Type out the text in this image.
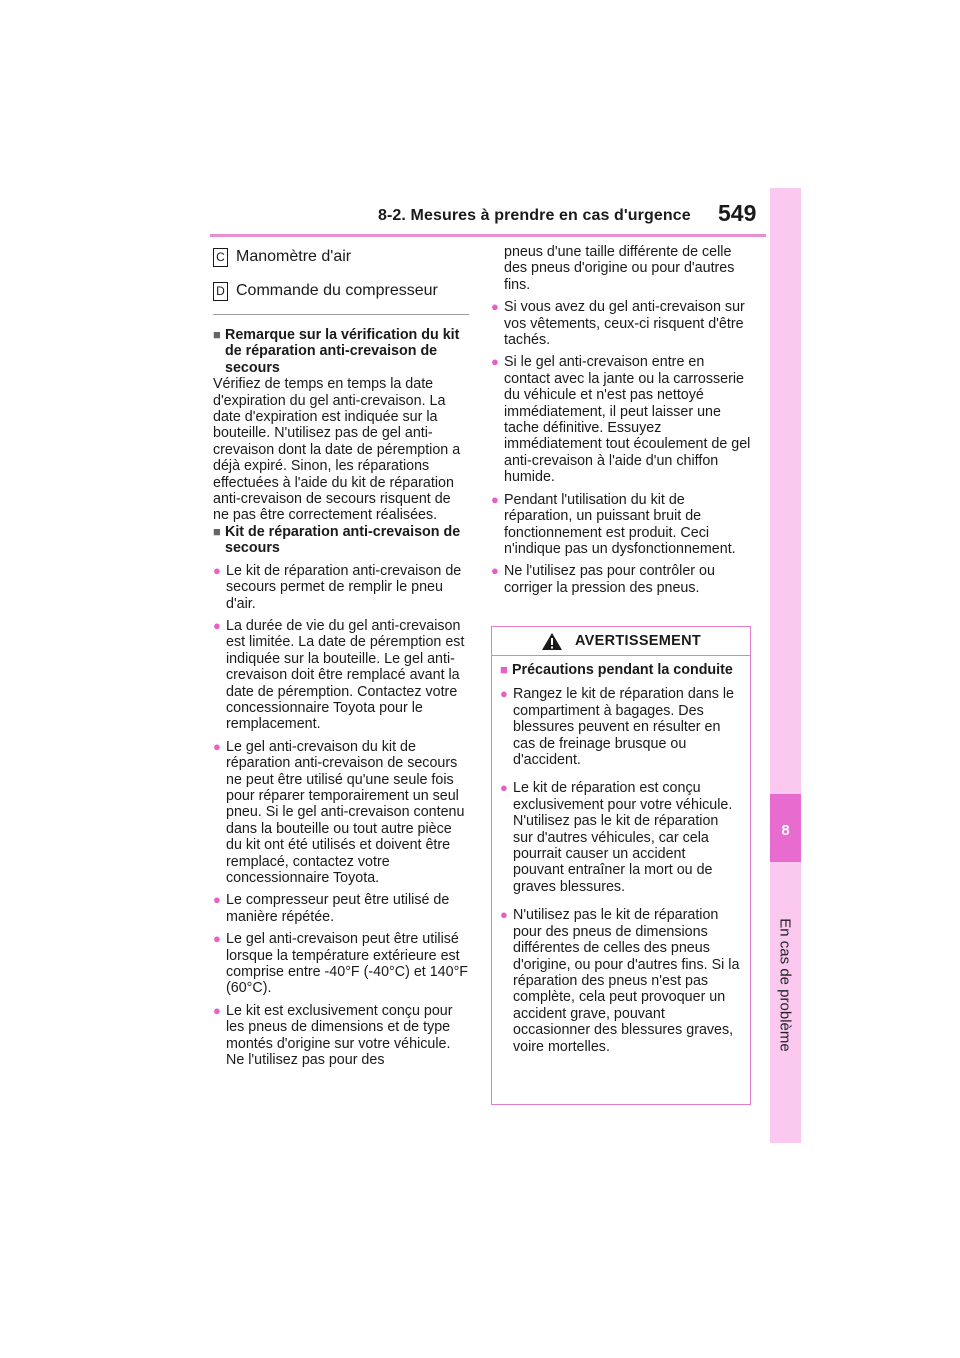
8-2. Mesures à prendre en cas d'urgence 549
8
En cas de problème
C Manomètre d'air
D Commande du compresseur
■ Remarque sur la vérification du kit de réparation anti-crevaison de secours

Vérifiez de temps en temps la date d'expiration du gel anti-crevaison. La date d'expiration est indiquée sur la bouteille. N'utilisez pas de gel anti-crevaison dont la date de péremption a déjà expiré. Sinon, les réparations effectuées à l'aide du kit de réparation anti-crevaison de secours risquent de ne pas être correctement réalisées.

■ Kit de réparation anti-crevaison de secours
● Le kit de réparation anti-crevaison de secours permet de remplir le pneu d'air.
● La durée de vie du gel anti-crevaison est limitée. La date de péremption est indiquée sur la bouteille. Le gel anti-crevaison doit être remplacé avant la date de péremption. Contactez votre concessionnaire Toyota pour le remplacement.
● Le gel anti-crevaison du kit de réparation anti-crevaison de secours ne peut être utilisé qu'une seule fois pour réparer temporairement un seul pneu. Si le gel anti-crevaison contenu dans la bouteille ou tout autre pièce du kit ont été utilisés et doivent être remplacé, contactez votre concessionnaire Toyota.
● Le compresseur peut être utilisé de manière répétée.
● Le gel anti-crevaison peut être utilisé lorsque la température extérieure est comprise entre -40°F (-40°C) et 140°F (60°C).
● Le kit est exclusivement conçu pour les pneus de dimensions et de type montés d'origine sur votre véhicule. Ne l'utilisez pas pour des

pneus d'une taille différente de celle des pneus d'origine ou pour d'autres fins.

● Si vous avez du gel anti-crevaison sur vos vêtements, ceux-ci risquent d'être tachés.
● Si le gel anti-crevaison entre en contact avec la jante ou la carrosserie du véhicule et n'est pas nettoyé immédiatement, il peut laisser une tache définitive. Essuyez immédiatement tout écoulement de gel anti-crevaison à l'aide d'un chiffon humide.
● Pendant l'utilisation du kit de réparation, un puissant bruit de fonctionnement est produit. Ceci n'indique pas un dysfonctionnement.
● Ne l'utilisez pas pour contrôler ou corriger la pression des pneus.
AVERTISSEMENT
■ Précautions pendant la conduite
● Rangez le kit de réparation dans le compartiment à bagages. Des blessures peuvent en résulter en cas de freinage brusque ou d'accident.
● Le kit de réparation est conçu exclusivement pour votre véhicule. N'utilisez pas le kit de réparation sur d'autres véhicules, car cela pourrait causer un accident pouvant entraîner la mort ou de graves blessures.
● N'utilisez pas le kit de réparation pour des pneus de dimensions différentes de celles des pneus d'origine, ou pour d'autres fins. Si la réparation des pneus n'est pas complète, cela peut provoquer un accident grave, pouvant occasionner des blessures graves, voire mortelles.
